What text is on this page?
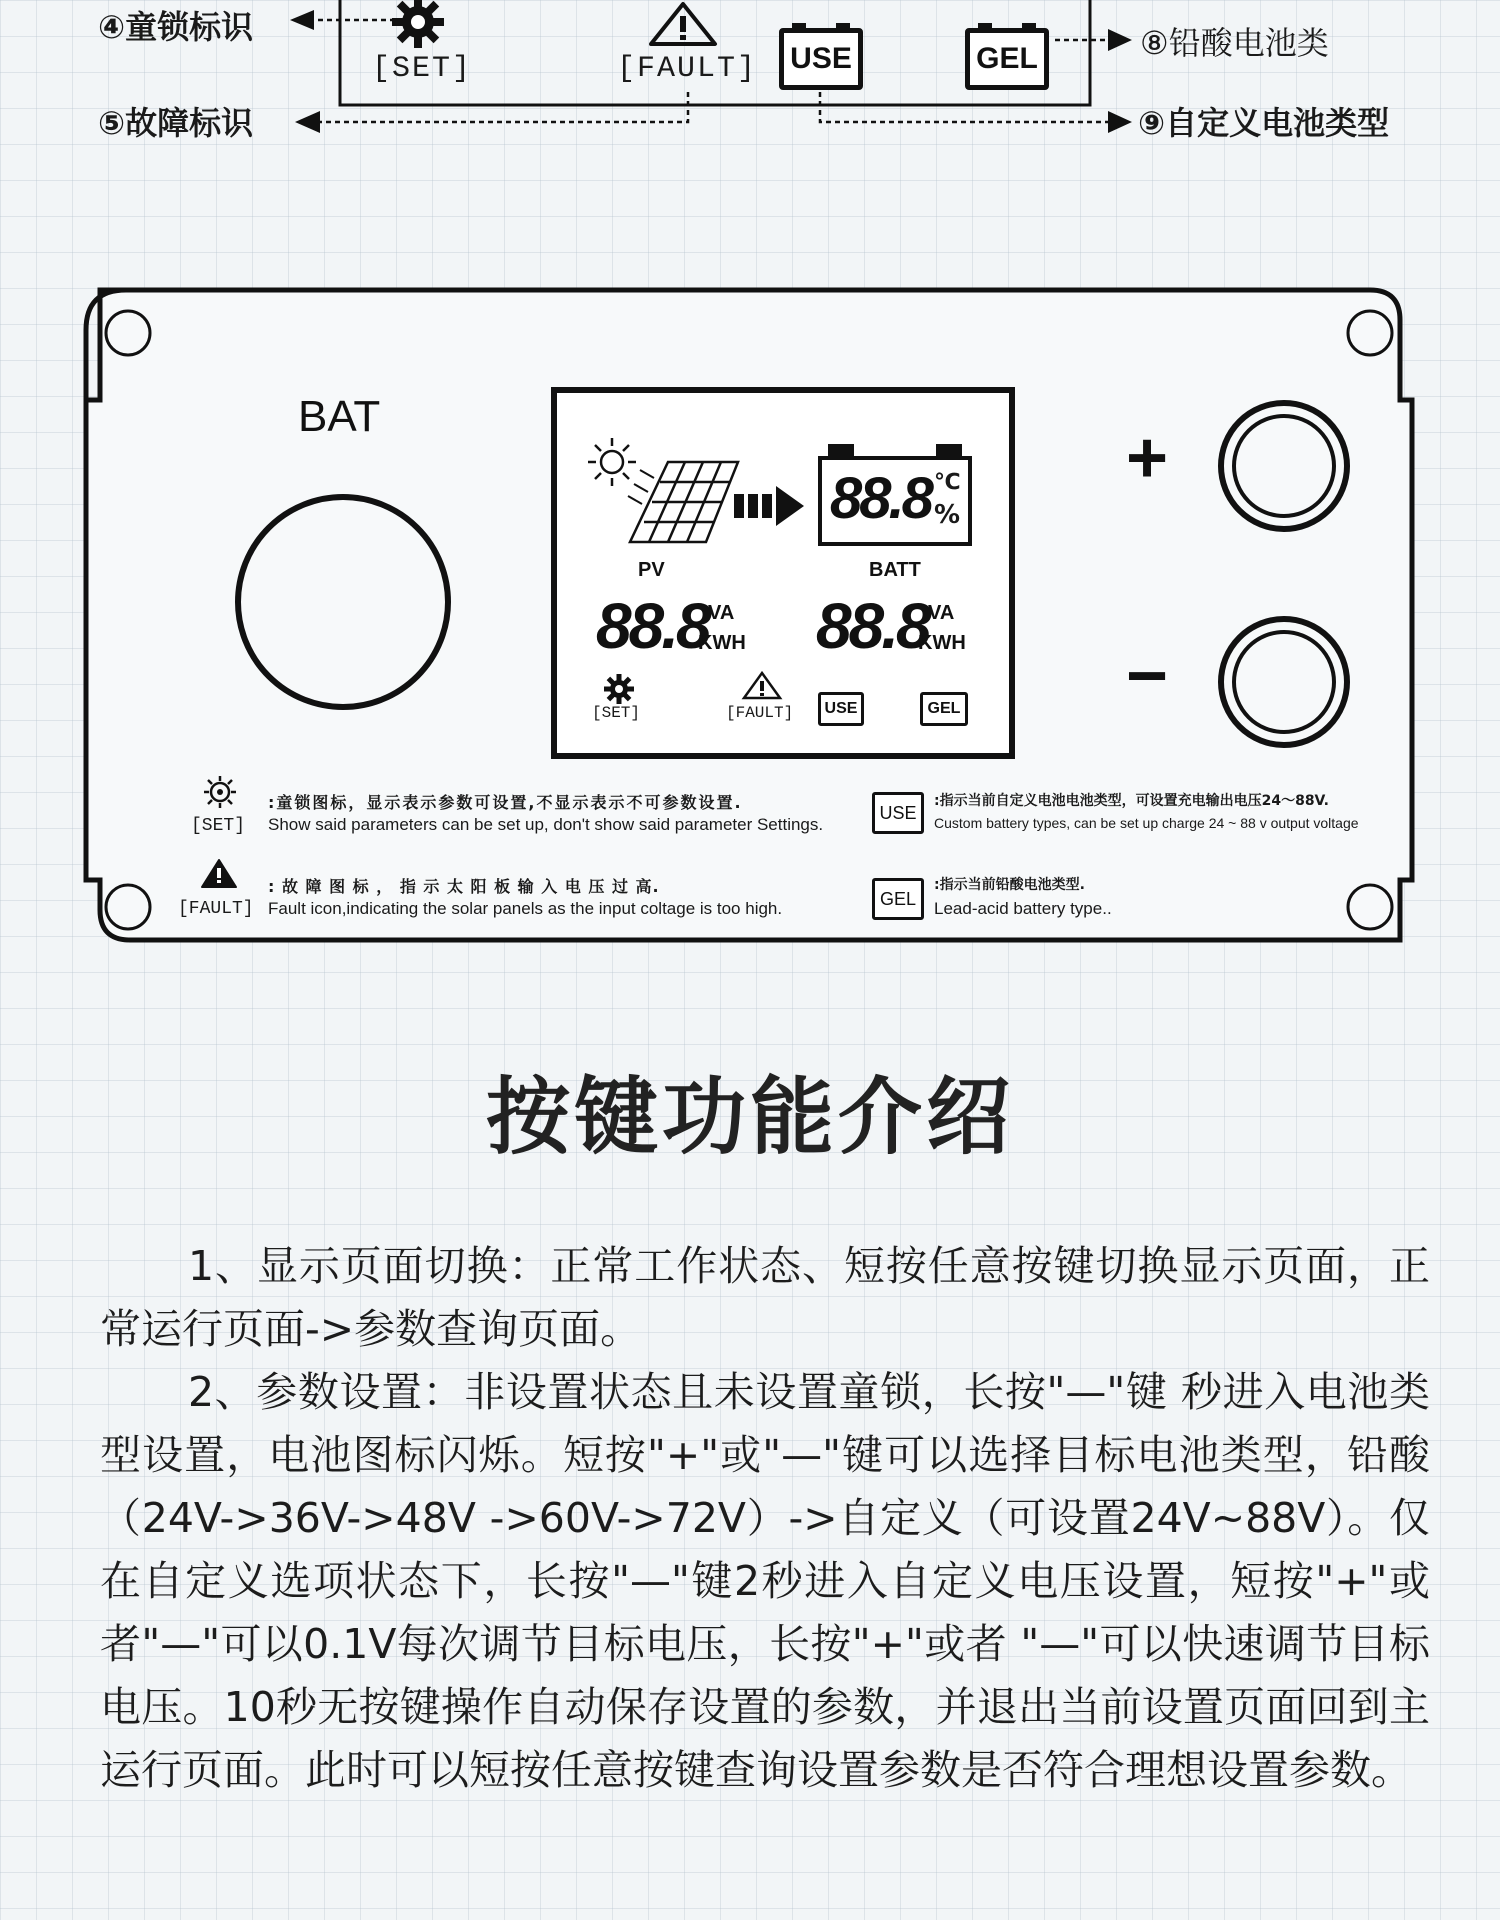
④童锁标识
⑤故障标识
⑧铅酸电池类
⑨自定义电池类型
[SET]	[FAULT] USE	GEL
BAT
+
−
88.8 ℃
%
PV	BATT
88.8 VA
KWH 88.8 VA
KWH
[SET]	[FAULT] USE	GEL
[SET]
:童锁图标，显示表示参数可设置,不显示表示不可参数设置.
Show said parameters can be set up, don't show said parameter Settings.
[FAULT]
: 故 障 图 标 ， 指 示 太 阳 板 输 入 电 压 过 高.
Fault icon,indicating the solar panels as the input coltage is too high.
USE
:指示当前自定义电池电池类型，可设置充电输出电压24～88V.
Custom battery types, can be set up charge 24 ~ 88 v output voltage
GEL
:指示当前铅酸电池类型.
Lead-acid battery type..
按键功能介绍

1、显示页面切换：正常工作状态、短按任意按键切换显示页面，正常运行页面->参数查询页面。

2、参数设置：非设置状态且未设置童锁，长按"—"键 秒进入电池类型设置，电池图标闪烁。短按"+"或"—"键可以选择目标电池类型，铅酸（24V->36V->48V ->60V->72V）->自定义（可设置24V~88V）。仅在自定义选项状态下，长按"—"键2秒进入自定义电压设置，短按"+"或者"—"可以0.1V每次调节目标电压，长按"+"或者 "—"可以快速调节目标电压。10秒无按键操作自动保存设置的参数，并退出当前设置页面回到主运行页面。此时可以短按任意按键查询设置参数是否符合理想设置参数。
